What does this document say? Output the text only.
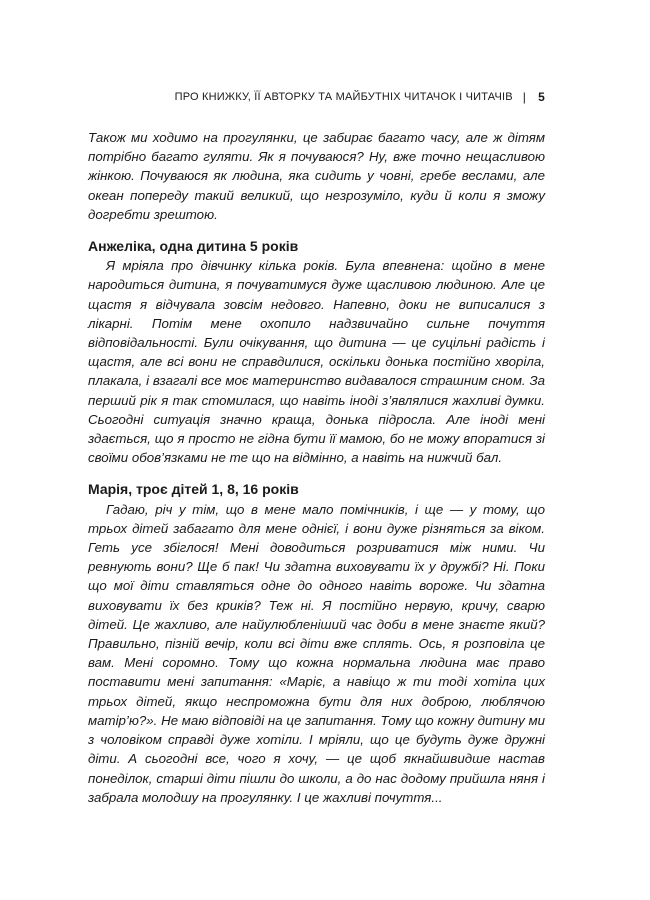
ПРО КНИЖКУ, ЇЇ АВТОРКУ ТА МАЙБУТНІХ ЧИТАЧОК І ЧИТАЧІВ | 5

Також ми ходимо на прогулянки, це забирає багато часу, але ж дітям потрібно багато гуляти. Як я почуваюся? Ну, вже точно нещасливою жінкою. Почуваюся як людина, яка сидить у човні, гребе веслами, але океан попереду такий великий, що незрозуміло, куди й коли я зможу догребти зрештою.

Анжеліка, одна дитина 5 років

Я мріяла про дівчинку кілька років. Була впевнена: щойно в мене народиться дитина, я почуватимуся дуже щасливою людиною. Але це щастя я відчувала зовсім недовго. Напевно, доки не виписалися з лікарні. Потім мене охопило надзвичайно сильне почуття відповідальності. Були очікування, що дитина — це суцільні радість і щастя, але всі вони не справдилися, оскільки донька постійно хворіла, плакала, і взагалі все моє материнство видавалося страшним сном. За перший рік я так стомилася, що навіть іноді з’являлися жахливі думки. Сьогодні ситуація значно краща, донька підросла. Але іноді мені здається, що я просто не гідна бути її мамою, бо не можу впоратися зі своїми обов’язками не те що на відмінно, а навіть на нижчий бал.

Марія, троє дітей 1, 8, 16 років

Гадаю, річ у тім, що в мене мало помічників, і ще — у тому, що трьох дітей забагато для мене однієї, і вони дуже різняться за віком. Геть усе збіглося! Мені доводиться розриватися між ними. Чи ревнують вони? Ще б пак! Чи здатна виховувати їх у дружбі? Ні. Поки що мої діти ставляться одне до одного навіть вороже. Чи здатна виховувати їх без криків? Теж ні. Я постійно нервую, кричу, сварю дітей. Це жахливо, але найулюбленіший час доби в мене знаєте який? Правильно, пізній вечір, коли всі діти вже сплять. Ось, я розповіла це вам. Мені соромно. Тому що кожна нормальна людина має право поставити мені запитання: «Маріє, а навіщо ж ти тоді хотіла цих трьох дітей, якщо неспроможна бути для них доброю, люблячою матір’ю?». Не маю відповіді на це запитання. Тому що кожну дитину ми з чоловіком справді дуже хотіли. І мріяли, що це будуть дуже дружні діти. А сьогодні все, чого я хочу, — це щоб якнайшвидше настав понеділок, старші діти пішли до школи, а до нас додому прийшла няня і забрала молодшу на прогулянку. І це жахливі почуття...
